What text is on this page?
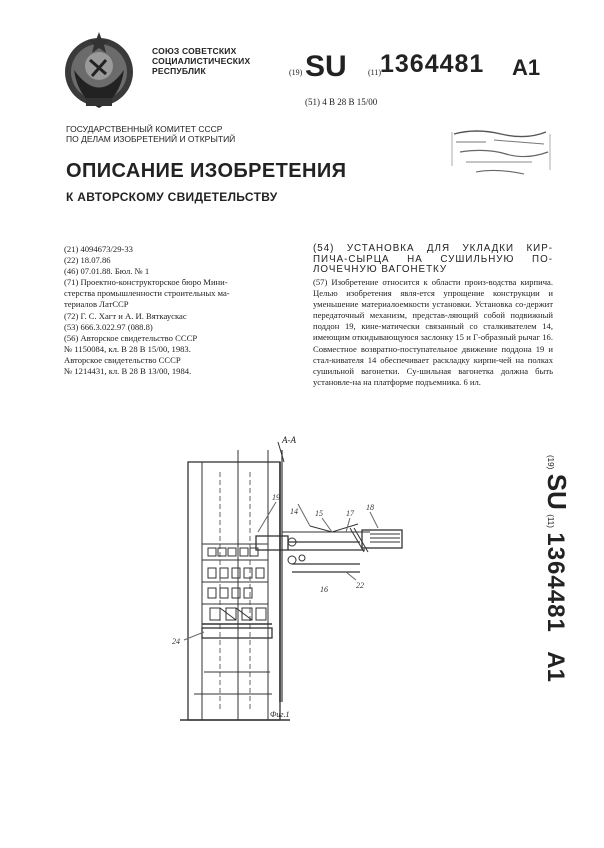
СОЮЗ СОВЕТСКИХ
СОЦИАЛИСТИЧЕСКИХ
РЕСПУБЛИК	(19) SU	(11)
1364481 A1
(51) 4 B 28 B 15/00
ГОСУДАРСТВЕННЫЙ КОМИТЕТ СССР
ПО ДЕЛАМ ИЗОБРЕТЕНИЙ И ОТКРЫТИЙ
ОПИСАНИЕ ИЗОБРЕТЕНИЯ
К АВТОРСКОМУ СВИДЕТЕЛЬСТВУ
(21) 4094673/29-33
(22) 18.07.86
(46) 07.01.88. Бюл. № 1
(71) Проектно-конструкторское бюро Мини-
стерства промышленности строительных ма-
териалов ЛатССР
(72) Г. С. Хагт и А. И. Вяткаускас
(53) 666.3.022.97 (088.8)
(56) Авторское свидетельство СССР
№ 1150084, кл. В 28 В 15/00, 1983.
Авторское свидетельство СССР
№ 1214431, кл. В 28 В 13/00, 1984.
(54) УСТАНОВКА ДЛЯ УКЛАДКИ КИР-ПИЧА-СЫРЦА НА СУШИЛЬНУЮ ПО-ЛОЧЕЧНУЮ ВАГОНЕТКУ
(57) Изобретение относится к области произ-водства кирпича. Целью изобретения явля-ется упрощение конструкции и уменьшение материалоемкости установки. Установка со-держит передаточный механизм, представ-ляющий собой подвижный поддон 19, кине-матически связанный со сталкивателем 14, имеющим откидывающуюся заслонку 15 и Г-образный рычаг 16. Совместное возвратно-поступательное движение поддона 19 и стал-кивателя 14 обеспечивает раскладку кирпи-чей на полках сушильной вагонетки. Су-шильная вагонетка должна быть установле-на на платформе подъемника. 6 ил.
А-А
14 15
16
17
18
19
22
24
Фиг.1
(19) SU (11) 1364481 A1
